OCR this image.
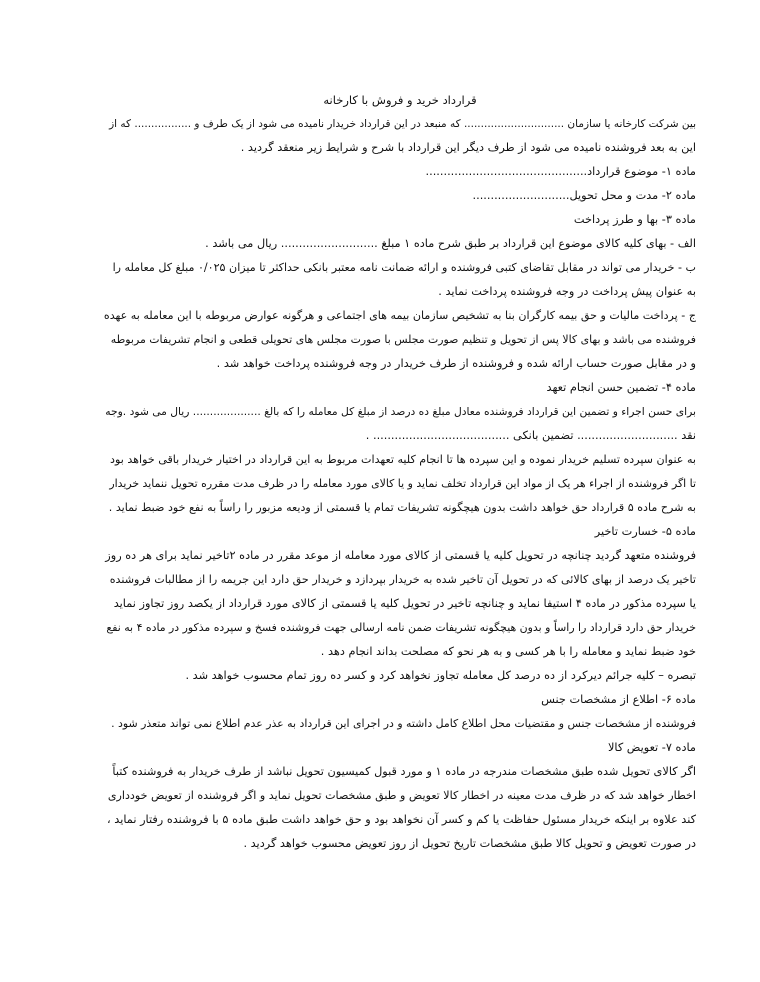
قرارداد خرید و فروش با کارخانه
بین شرکت کارخانه یا سازمان .............................. که منبعد در این قرارداد خریدار نامیده می شود از یک طرف و ................. که از
این به بعد فروشنده نامیده می شود از طرف دیگر این قرارداد با شرح و شرایط زیر منعقد گردید .
ماده ۱- موضوع قرارداد.............................................
ماده ۲- مدت و محل تحویل...........................
ماده ۳- بها و طرز پرداخت
الف - بهای کلیه کالای موضوع این قرارداد بر طبق شرح ماده ۱ مبلغ ........................... ریال می باشد .
ب - خریدار می تواند در مقابل تقاضای کتبی فروشنده و ارائه ضمانت نامه معتبر بانکی حداکثر تا میزان ۰/۰۲۵ مبلغ کل معامله را
به عنوان پیش پرداخت در وجه فروشنده پرداخت نماید .
ج - پرداخت مالیات و حق بیمه کارگران بنا به تشخیص سازمان بیمه های اجتماعی و هرگونه عوارض مربوطه با این معامله به عهده
فروشنده می باشد و بهای کالا پس از تحویل و تنظیم صورت مجلس با صورت مجلس های تحویلی قطعی و انجام تشریفات مربوطه
و در مقابل صورت حساب ارائه شده و فروشنده از طرف خریدار در وجه فروشنده پرداخت خواهد شد .
ماده ۴- تضمین حسن انجام تعهد
برای حسن اجراء و تضمین این قرارداد فروشنده معادل مبلغ ده درصد از مبلغ کل معامله را که بالغ .................... ریال می شود .وجه
نقد ............................ تضمین بانکی ...................................... .
به عنوان سپرده تسلیم خریدار نموده و این سپرده ها تا انجام کلیه تعهدات مربوط به این قرارداد در اختیار خریدار باقی خواهد بود
تا اگر فروشنده از اجراء هر یک از مواد این قرارداد تخلف نماید و یا کالای مورد معامله را در ظرف مدت مقرره تحویل ننماید خریدار
به شرح ماده ۵ قرارداد حق خواهد داشت بدون هیچگونه تشریفات تمام یا قسمتی از ودیعه مزبور را راساً به نفع خود ضبط نماید .
ماده ۵- خسارت تاخیر
فروشنده متعهد گردید چنانچه در تحویل کلیه یا قسمتی از کالای مورد معامله از موعد مقرر در ماده ۲تاخیر نماید برای هر ده روز
تاخیر یک درصد از بهای کالائی که در تحویل آن تاخیر شده به خریدار بپردازد و خریدار حق دارد این جریمه را از مطالبات فروشنده
یا سپرده مذکور در ماده ۴ استیفا نماید و چنانچه تاخیر در تحویل کلیه یا قسمتی از کالای مورد قرارداد از یکصد روز تجاوز نماید
خریدار حق دارد قرارداد را راساً و بدون هیچگونه تشریفات ضمن نامه ارسالی جهت فروشنده فسخ و سپرده مذکور در ماده ۴ به نفع
خود ضبط نماید و معامله را با هر کسی و به هر نحو که مصلحت بداند انجام دهد .
تبصره – کلیه جرائم دیرکرد از ده درصد کل معامله تجاوز نخواهد کرد و کسر ده روز تمام محسوب خواهد شد .
ماده ۶- اطلاع از مشخصات جنس
فروشنده از مشخصات جنس و مقتضیات محل اطلاع کامل داشته و در اجرای این قرارداد به عذر عدم اطلاع نمی تواند متعذر شود .
ماده ۷- تعویض کالا
اگر کالای تحویل شده طبق مشخصات مندرجه در ماده ۱ و مورد قبول کمیسیون تحویل نباشد از طرف خریدار به فروشنده کتباً
اخطار خواهد شد که در ظرف مدت معینه در اخطار کالا تعویض و طبق مشخصات تحویل نماید و اگر فروشنده از تعویض خودداری
کند علاوه بر اینکه خریدار مسئول حفاظت یا کم و کسر آن نخواهد بود و حق خواهد داشت طبق ماده ۵ با فروشنده رفتار نماید ،
در صورت تعویض و تحویل کالا طبق مشخصات تاریخ تحویل از روز تعویض محسوب خواهد گردید .
